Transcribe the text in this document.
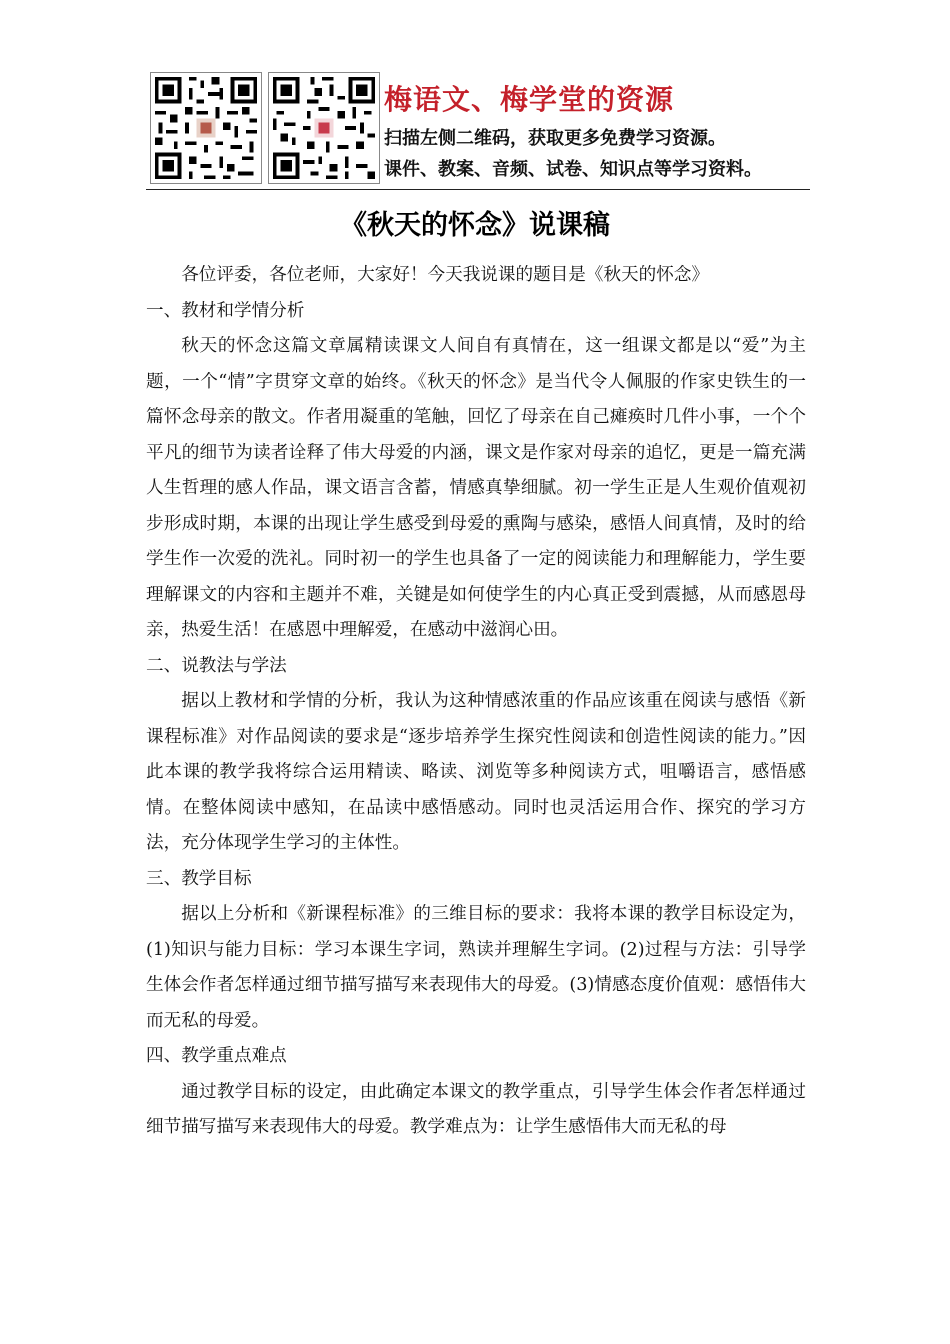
梅语文、梅学堂的资源
扫描左侧二维码，获取更多免费学习资源。
课件、教案、音频、试卷、知识点等学习资料。
《秋天的怀念》说课稿

各位评委，各位老师，大家好！今天我说课的题目是《秋天的怀念》

一、教材和学情分析

秋天的怀念这篇文章属精读课文人间自有真情在，这一组课文都是以“爱”为主题，一个“情”字贯穿文章的始终。《秋天的怀念》是当代令人佩服的作家史铁生的一篇怀念母亲的散文。作者用凝重的笔触，回忆了母亲在自己瘫痪时几件小事，一个个平凡的细节为读者诠释了伟大母爱的内涵，课文是作家对母亲的追忆，更是一篇充满人生哲理的感人作品，课文语言含蓄，情感真挚细腻。初一学生正是人生观价值观初步形成时期，本课的出现让学生感受到母爱的熏陶与感染，感悟人间真情，及时的给学生作一次爱的洗礼。同时初一的学生也具备了一定的阅读能力和理解能力，学生要理解课文的内容和主题并不难，关键是如何使学生的内心真正受到震撼，从而感恩母亲，热爱生活！在感恩中理解爱，在感动中滋润心田。

二、说教法与学法

据以上教材和学情的分析，我认为这种情感浓重的作品应该重在阅读与感悟《新课程标准》对作品阅读的要求是“逐步培养学生探究性阅读和创造性阅读的能力。”因此本课的教学我将综合运用精读、略读、浏览等多种阅读方式，咀嚼语言，感悟感情。在整体阅读中感知，在品读中感悟感动。同时也灵活运用合作、探究的学习方法，充分体现学生学习的主体性。

三、教学目标

据以上分析和《新课程标准》的三维目标的要求：我将本课的教学目标设定为，(1)知识与能力目标：学习本课生字词，熟读并理解生字词。(2)过程与方法：引导学生体会作者怎样通过细节描写描写来表现伟大的母爱。(3)情感态度价值观：感悟伟大而无私的母爱。

四、教学重点难点

通过教学目标的设定，由此确定本课文的教学重点，引导学生体会作者怎样通过细节描写描写来表现伟大的母爱。教学难点为：让学生感悟伟大而无私的母
